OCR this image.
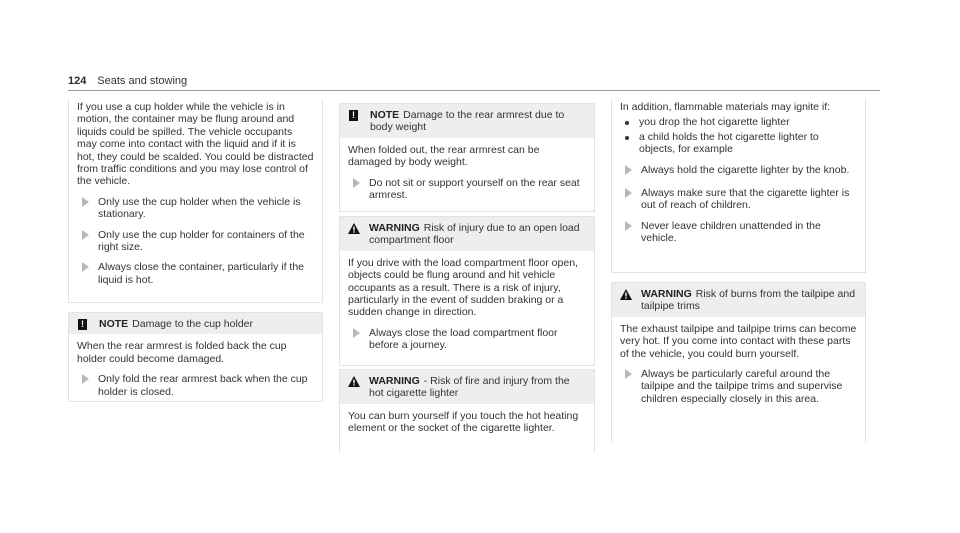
124 Seats and stowing

If you use a cup holder while the vehicle is in motion, the container may be flung around and liquids could be spilled. The vehicle occupants may come into contact with the liquid and if it is hot, they could be scalded. You could be distracted from traffic conditions and you may lose control of the vehicle.

Only use the cup holder when the vehicle is stationary.
Only use the cup holder for containers of the right size.
Always close the container, particularly if the liquid is hot.
! NOTE Damage to the cup holder

When the rear armrest is folded back the cup holder could become damaged.

Only fold the rear armrest back when the cup holder is closed.
! NOTE Damage to the rear armrest due to body weight

When folded out, the rear armrest can be damaged by body weight.

Do not sit or support yourself on the rear seat armrest.
WARNING Risk of injury due to an open load compartment floor

If you drive with the load compartment floor open, objects could be flung around and hit vehicle occupants as a result. There is a risk of injury, particularly in the event of sudden braking or a sudden change in direction.

Always close the load compartment floor before a journey.
WARNING - Risk of fire and injury from the hot cigarette lighter

You can burn yourself if you touch the hot heating element or the socket of the cigarette lighter.

In addition, flammable materials may ignite if:

you drop the hot cigarette lighter
a child holds the hot cigarette lighter to objects, for example
Always hold the cigarette lighter by the knob.
Always make sure that the cigarette lighter is out of reach of children.
Never leave children unattended in the vehicle.
WARNING Risk of burns from the tailpipe and tailpipe trims

The exhaust tailpipe and tailpipe trims can become very hot. If you come into contact with these parts of the vehicle, you could burn yourself.

Always be particularly careful around the tailpipe and the tailpipe trims and supervise children especially closely in this area.
